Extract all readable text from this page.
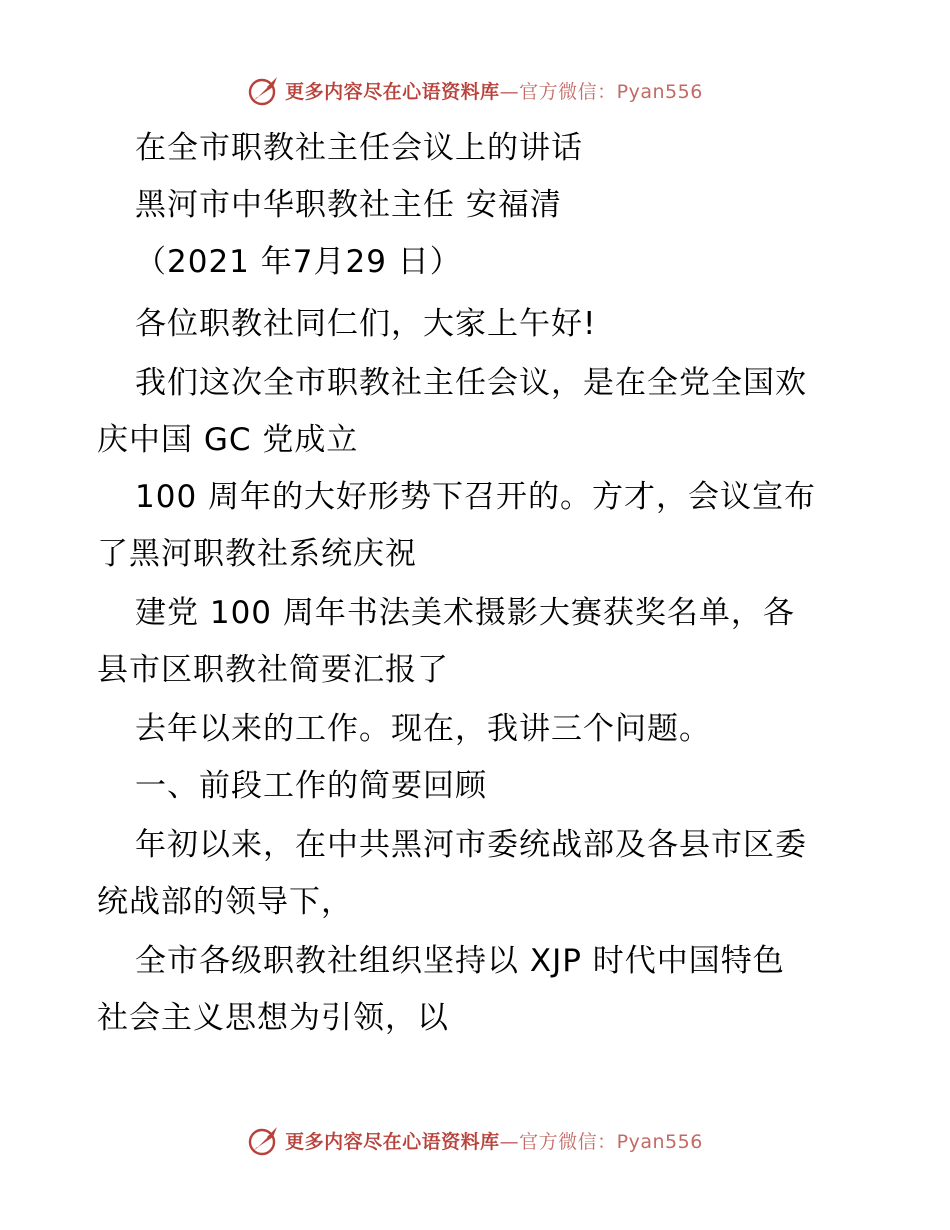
更多内容尽在心语资料库—官方微信：Pyan556
在全市职教社主任会议上的讲话
黑河市中华职教社主任 安福清
（2021 年7月29 日）
各位职教社同仁们，大家上午好!
我们这次全市职教社主任会议，是在全党全国欢
庆中国 GC 党成立
100 周年的大好形势下召开的。方才，会议宣布
了黑河职教社系统庆祝
建党 100 周年书法美术摄影大赛获奖名单，各
县市区职教社简要汇报了
去年以来的工作。现在，我讲三个问题。
一、前段工作的简要回顾
年初以来，在中共黑河市委统战部及各县市区委
统战部的领导下，
全市各级职教社组织坚持以 XJP 时代中国特色
社会主义思想为引领，以
更多内容尽在心语资料库—官方微信：Pyan556
